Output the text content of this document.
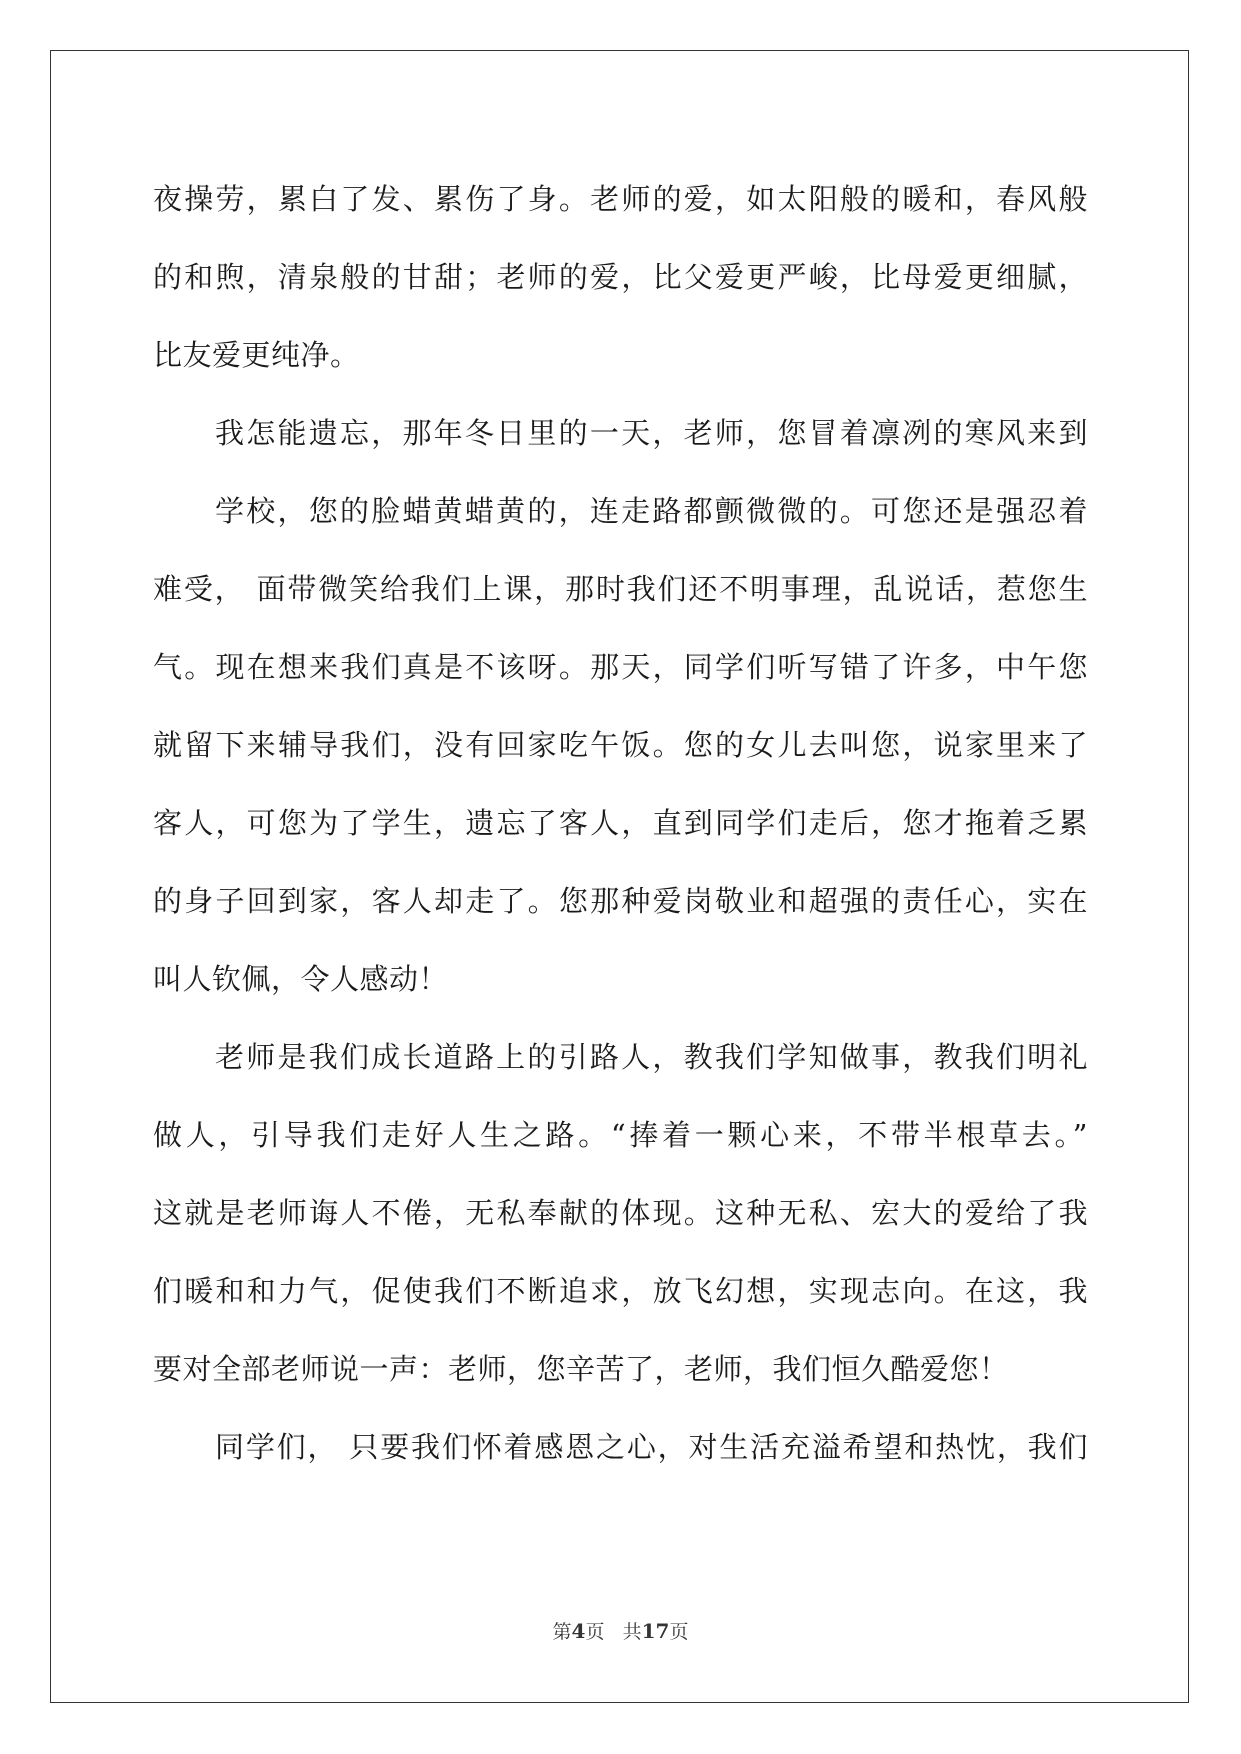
夜操劳，累白了发、累伤了身。老师的爱，如太阳般的暖和，春风般
的和煦，清泉般的甘甜；老师的爱，比父爱更严峻，比母爱更细腻，
比友爱更纯净。
我怎能遗忘，那年冬日里的一天，老师，您冒着凛冽的寒风来到
学校，您的脸蜡黄蜡黄的，连走路都颤微微的。可您还是强忍着
难受， 面带微笑给我们上课，那时我们还不明事理，乱说话，惹您生
气。现在想来我们真是不该呀。那天，同学们听写错了许多，中午您
就留下来辅导我们，没有回家吃午饭。您的女儿去叫您，说家里来了
客人，可您为了学生，遗忘了客人，直到同学们走后，您才拖着乏累
的身子回到家，客人却走了。您那种爱岗敬业和超强的责任心，实在
叫人钦佩，令人感动！
老师是我们成长道路上的引路人，教我们学知做事，教我们明礼
做人，引导我们走好人生之路。“捧着一颗心来，不带半根草去。”
这就是老师诲人不倦，无私奉献的体现。这种无私、宏大的爱给了我
们暖和和力气，促使我们不断追求，放飞幻想，实现志向。在这，我
要对全部老师说一声：老师，您辛苦了，老师，我们恒久酷爱您！
同学们， 只要我们怀着感恩之心，对生活充溢希望和热忱，我们
第4页   共17页
